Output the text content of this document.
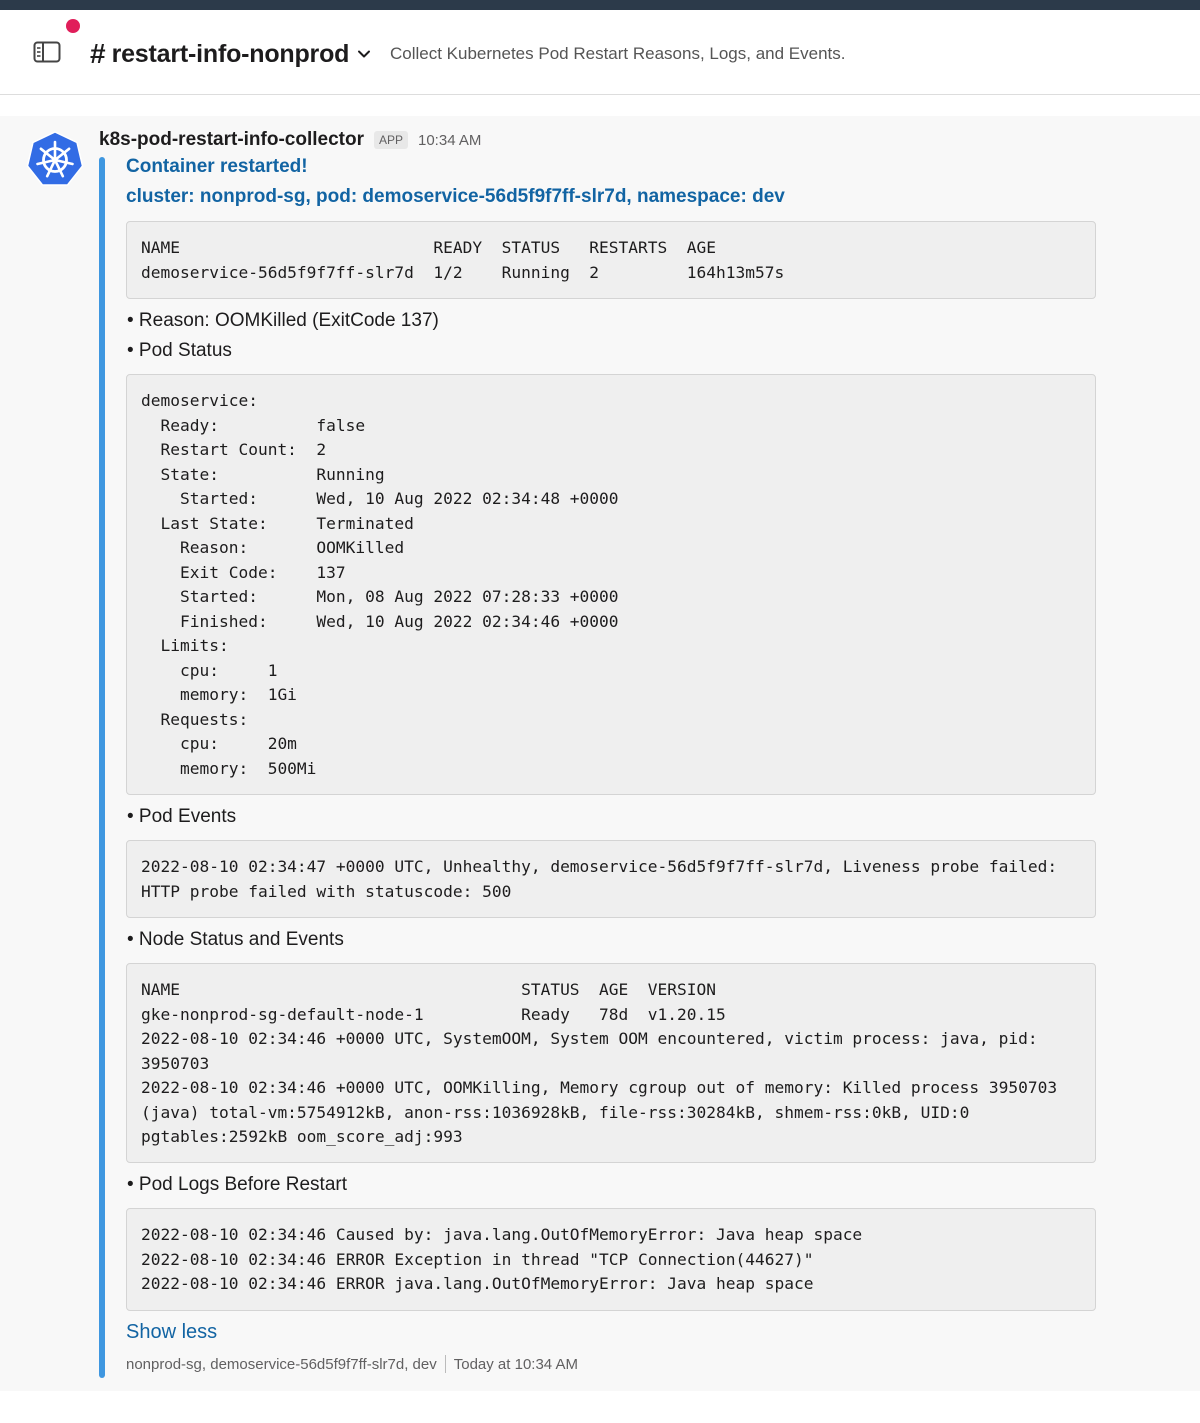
# restart-info-nonprod Collect Kubernetes Pod Restart Reasons, Logs, and Events.
k8s-pod-restart-info-collector	APP	10:34 AM
Container restarted!
cluster: nonprod-sg, pod: demoservice-56d5f9f7ff-slr7d, namespace: dev
NAME                          READY  STATUS   RESTARTS  AGE
demoservice-56d5f9f7ff-slr7d  1/2    Running  2         164h13m57s
• Reason: OOMKilled (ExitCode 137)
• Pod Status
demoservice:
Ready:          false
Restart Count:  2
State:          Running
Started:      Wed, 10 Aug 2022 02:34:48 +0000
Last State:     Terminated
Reason:       OOMKilled
Exit Code:    137
Started:      Mon, 08 Aug 2022 07:28:33 +0000
Finished:     Wed, 10 Aug 2022 02:34:46 +0000
Limits:
cpu:     1
memory:  1Gi
Requests:
cpu:     20m
memory:  500Mi
• Pod Events
2022-08-10 02:34:47 +0000 UTC, Unhealthy, demoservice-56d5f9f7ff-slr7d, Liveness probe failed:
HTTP probe failed with statuscode: 500
• Node Status and Events
NAME                                   STATUS  AGE  VERSION
gke-nonprod-sg-default-node-1          Ready   78d  v1.20.15
2022-08-10 02:34:46 +0000 UTC, SystemOOM, System OOM encountered, victim process: java, pid:
3950703
2022-08-10 02:34:46 +0000 UTC, OOMKilling, Memory cgroup out of memory: Killed process 3950703
(java) total-vm:5754912kB, anon-rss:1036928kB, file-rss:30284kB, shmem-rss:0kB, UID:0
pgtables:2592kB oom_score_adj:993
• Pod Logs Before Restart
2022-08-10 02:34:46 Caused by: java.lang.OutOfMemoryError: Java heap space
2022-08-10 02:34:46 ERROR Exception in thread "TCP Connection(44627)"
2022-08-10 02:34:46 ERROR java.lang.OutOfMemoryError: Java heap space
Show less
nonprod-sg, demoservice-56d5f9f7ff-slr7d, dev Today at 10:34 AM
